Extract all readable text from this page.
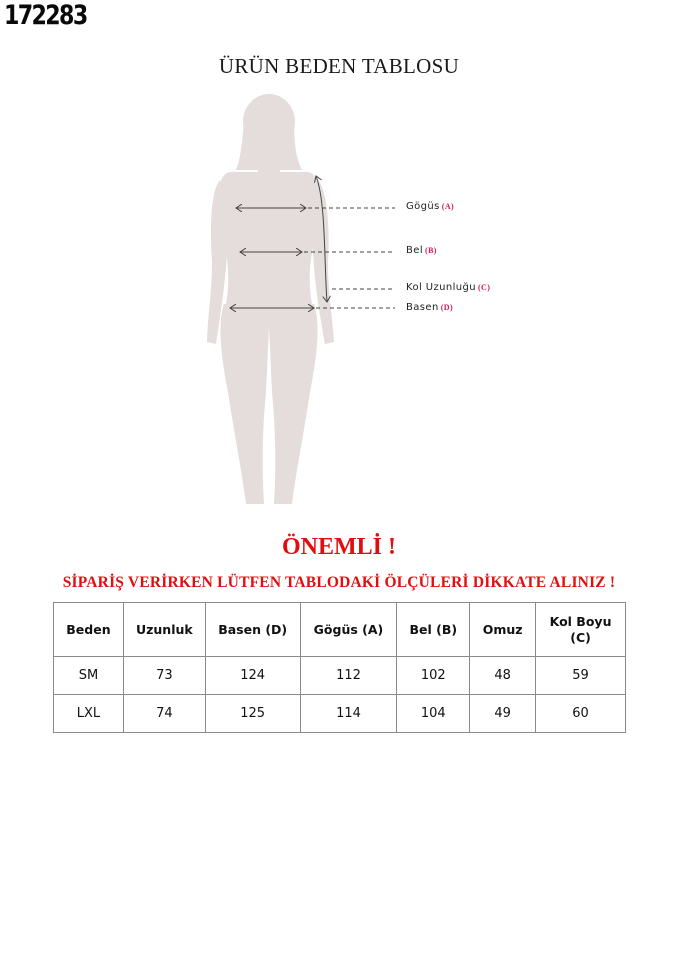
172283
ÜRÜN BEDEN TABLOSU
Gögüs (A)
Bel (B)
Kol Uzunluğu (C)
Basen (D)
ÖNEMLİ !
SİPARİŞ VERİRKEN LÜTFEN TABLODAKİ ÖLÇÜLERİ DİKKATE ALINIZ !
Beden	Uzunluk	Basen (D)	Gögüs (A)	Bel (B)	Omuz	Kol Boyu (C)
SM	73	124	112	102	48	59
LXL	74	125	114	104	49	60
